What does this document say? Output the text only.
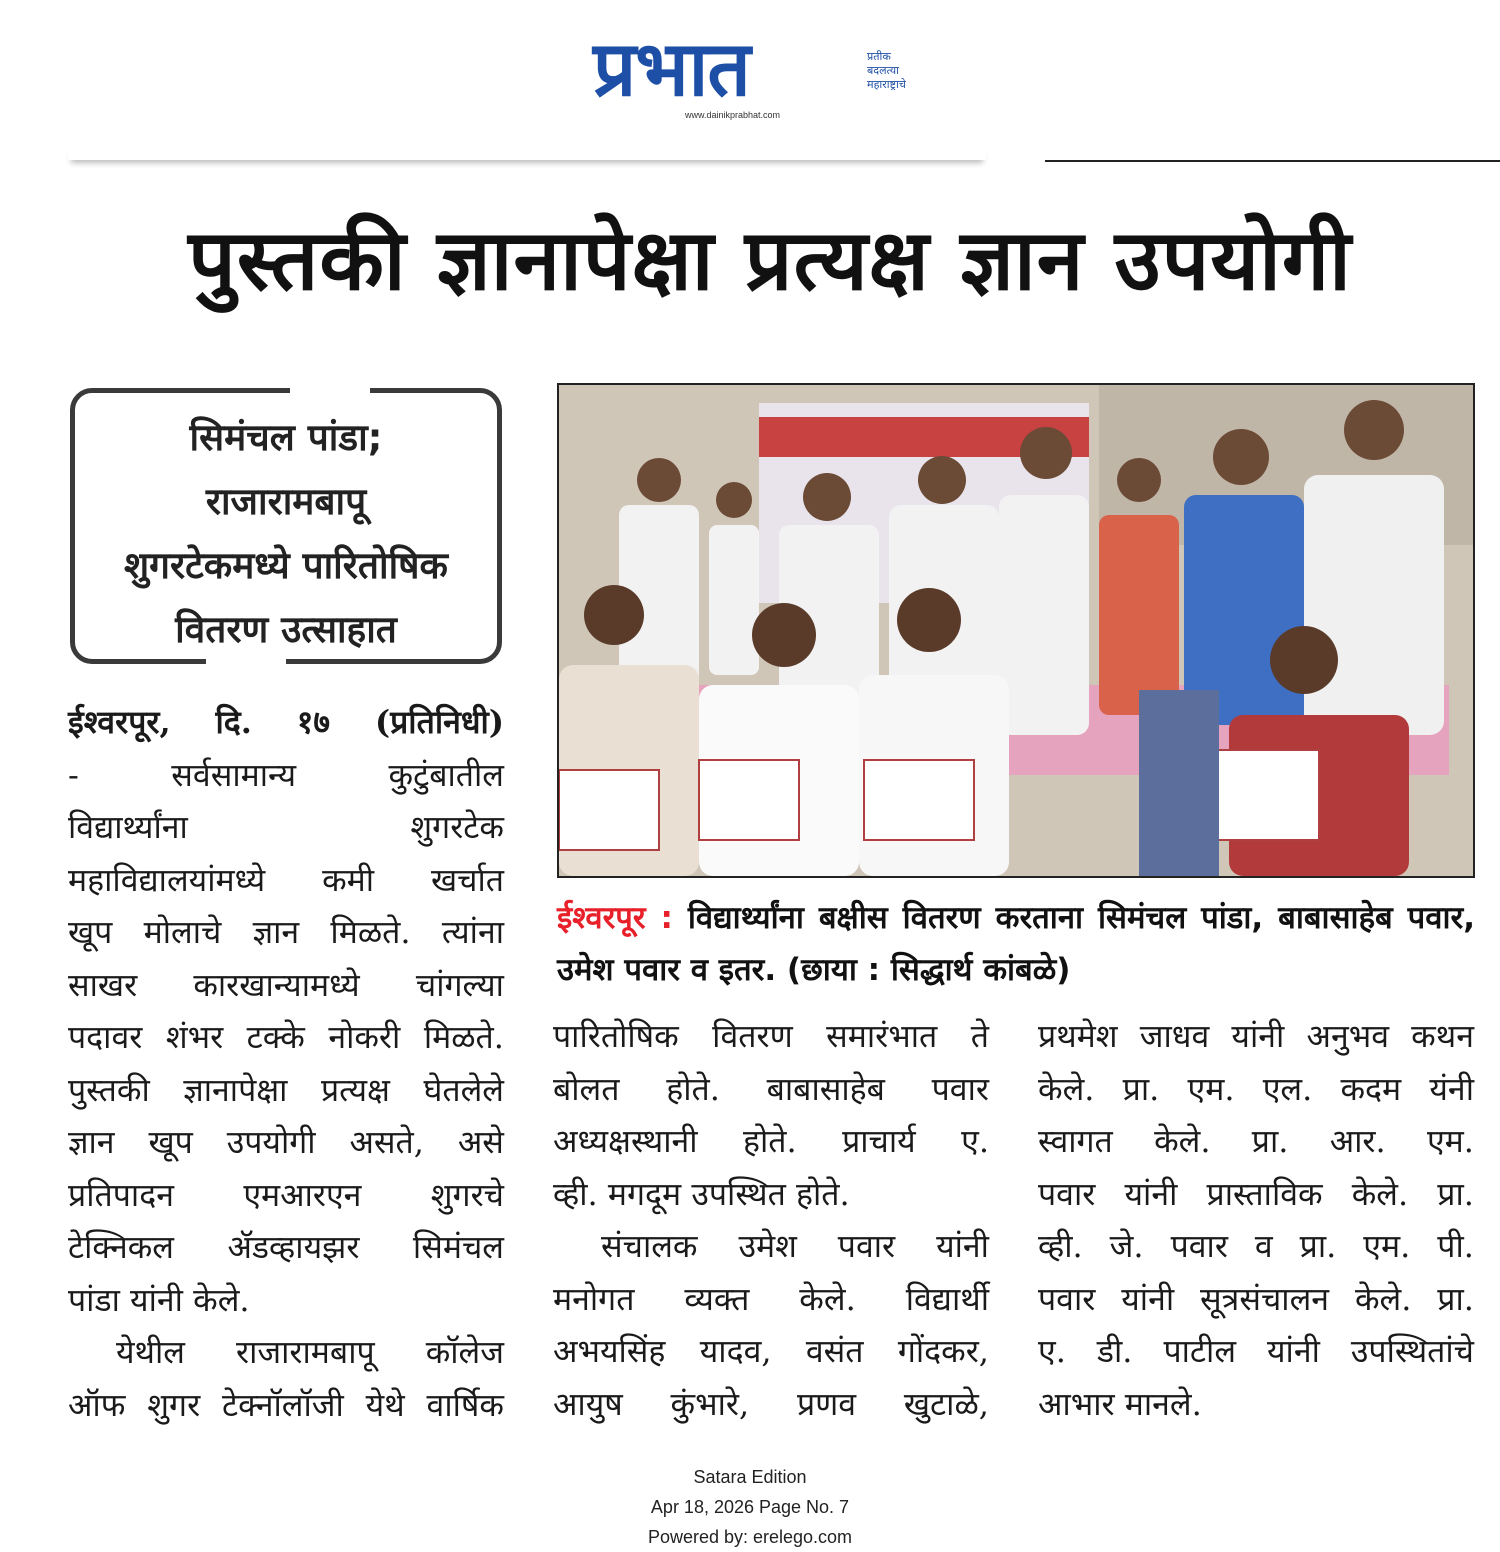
प्रभात	प्रतीक
बदलत्या
महाराष्ट्राचे
www.dainikprabhat.com
पुस्तकी ज्ञानापेक्षा प्रत्यक्ष ज्ञान उपयोगी
सिमंचल पांडा;
राजारामबापू
शुगरटेकमध्ये पारितोषिक
वितरण उत्साहात
ईश्वरपूर : विद्यार्थ्यांना बक्षीस वितरण करताना सिमंचल पांडा, बाबासाहेब पवार, उमेश पवार व इतर. (छाया : सिद्धार्थ कांबळे)
ईश्वरपूर, दि. १७ (प्रतिनिधी)
-	सर्वसामान्य	कुटुंबातील
विद्यार्थ्यांना	शुगरटेक
महाविद्यालयांमध्ये कमी खर्चात
खूप मोलाचे ज्ञान मिळते. त्यांना
साखर कारखान्यामध्ये चांगल्या
पदावर शंभर टक्के नोकरी मिळते.
पुस्तकी ज्ञानापेक्षा प्रत्यक्ष घेतलेले
ज्ञान खूप उपयोगी असते, असे
प्रतिपादन एमआरएन शुगरचे
टेक्निकल ॲडव्हायझर सिमंचल
पांडा यांनी केले.
येथील राजारामबापू कॉलेज
ऑफ शुगर टेक्नॉलॉजी येथे वार्षिक
पारितोषिक वितरण समारंभात ते
बोलत होते. बाबासाहेब पवार
अध्यक्षस्थानी होते. प्राचार्य ए.
व्ही. मगदूम उपस्थित होते.
संचालक उमेश पवार यांनी
मनोगत व्यक्त केले. विद्यार्थी
अभयसिंह यादव, वसंत गोंदकर,
आयुष कुंभारे, प्रणव खुटाळे,
प्रथमेश जाधव यांनी अनुभव कथन
केले. प्रा. एम. एल. कदम यंनी
स्वागत केले. प्रा. आर. एम.
पवार यांनी प्रास्ताविक केले. प्रा.
व्ही. जे. पवार व प्रा. एम. पी.
पवार यांनी सूत्रसंचालन केले. प्रा.
ए. डी. पाटील यांनी उपस्थितांचे
आभार मानले.
Satara Edition
Apr 18, 2026 Page No. 7
Powered by: erelego.com
